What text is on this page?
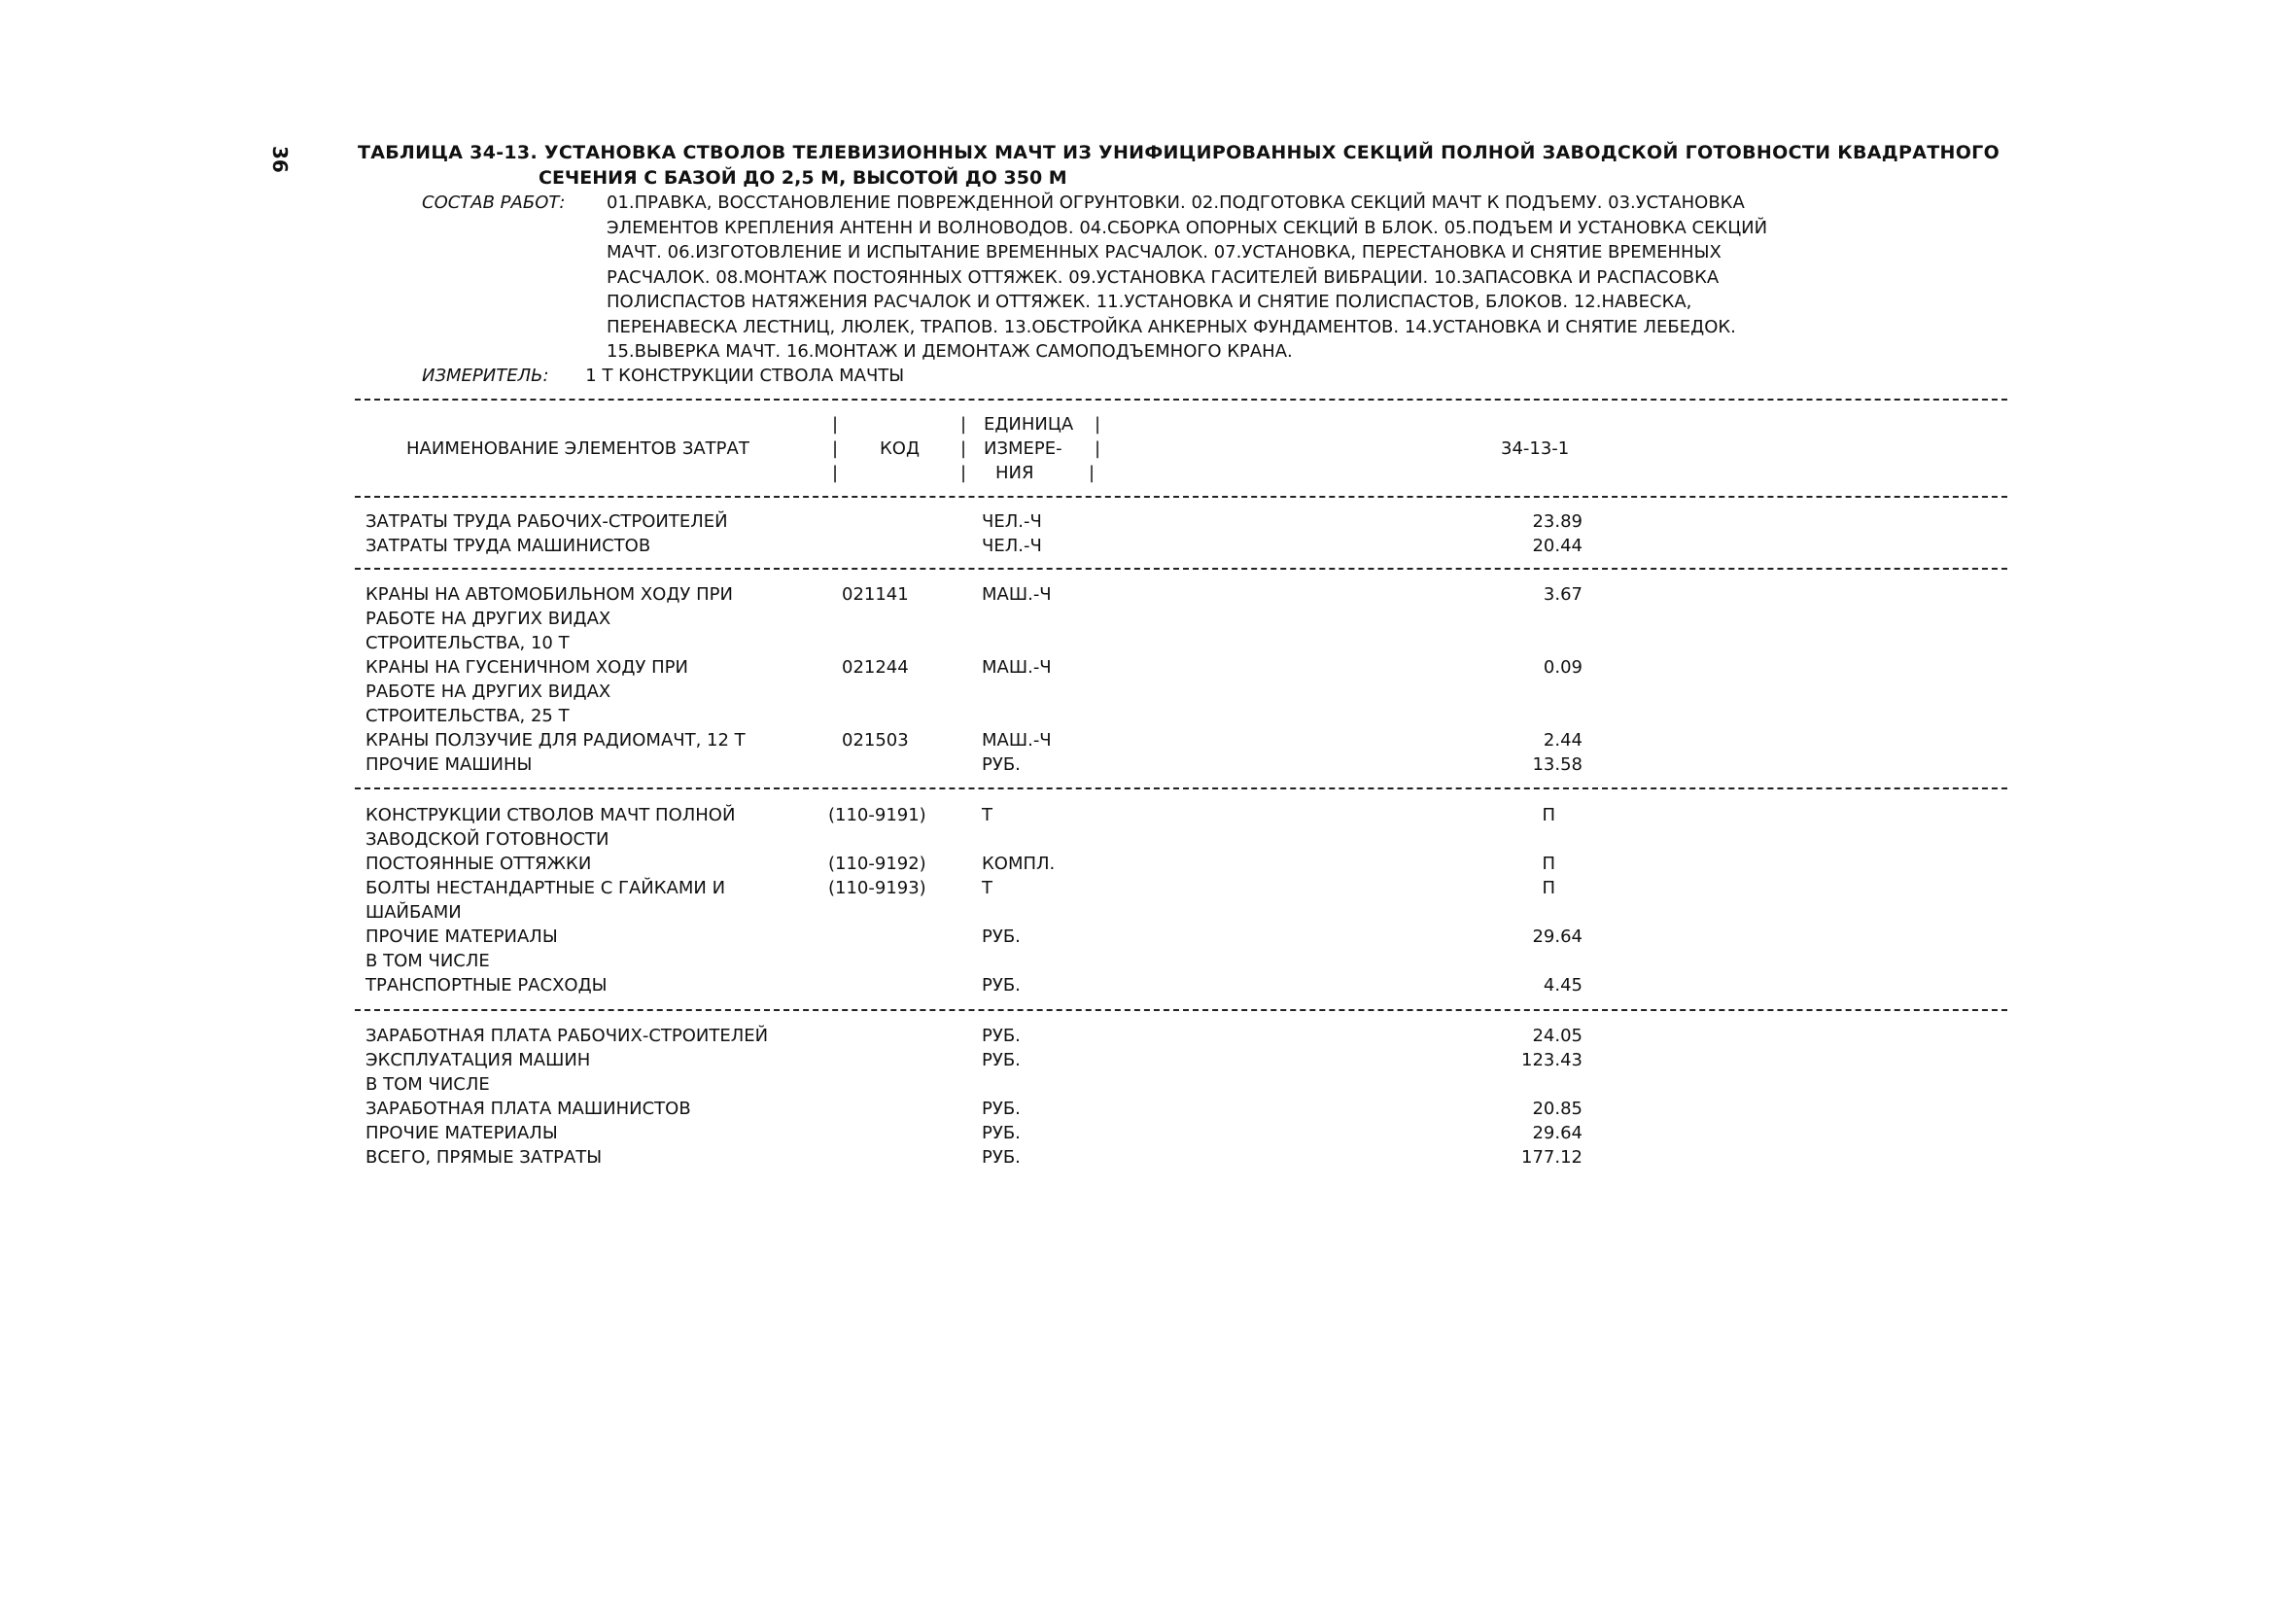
36	ТАБЛИЦА 34-13. УСТАНОВКА СТВОЛОВ ТЕЛЕВИЗИОННЫХ МАЧТ ИЗ УНИФИЦИРОВАННЫХ СЕКЦИЙ ПОЛНОЙ ЗАВОДСКОЙ ГОТОВНОСТИ КВАДРАТНОГО
СЕЧЕНИЯ С БАЗОЙ ДО 2,5 М, ВЫСОТОЙ ДО 350 М
СОСТАВ РАБОТ: 01.ПРАВКА, ВОССТАНОВЛЕНИЕ ПОВРЕЖДЕННОЙ ОГРУНТОВКИ. 02.ПОДГОТОВКА СЕКЦИЙ МАЧТ К ПОДЪЕМУ. 03.УСТАНОВКА
ЭЛЕМЕНТОВ КРЕПЛЕНИЯ АНТЕНН И ВОЛНОВОДОВ. 04.СБОРКА ОПОРНЫХ СЕКЦИЙ В БЛОК. 05.ПОДЪЕМ И УСТАНОВКА СЕКЦИЙ
МАЧТ. 06.ИЗГОТОВЛЕНИЕ И ИСПЫТАНИЕ ВРЕМЕННЫХ РАСЧАЛОК. 07.УСТАНОВКА, ПЕРЕСТАНОВКА И СНЯТИЕ ВРЕМЕННЫХ
РАСЧАЛОК. 08.МОНТАЖ ПОСТОЯННЫХ ОТТЯЖЕК. 09.УСТАНОВКА ГАСИТЕЛЕЙ ВИБРАЦИИ. 10.ЗАПАСОВКА И РАСПАСОВКА
ПОЛИСПАСТОВ НАТЯЖЕНИЯ РАСЧАЛОК И ОТТЯЖЕК. 11.УСТАНОВКА И СНЯТИЕ ПОЛИСПАСТОВ, БЛОКОВ. 12.НАВЕСКА,
ПЕРЕНАВЕСКА ЛЕСТНИЦ, ЛЮЛЕК, ТРАПОВ. 13.ОБСТРОЙКА АНКЕРНЫХ ФУНДАМЕНТОВ. 14.УСТАНОВКА И СНЯТИЕ ЛЕБЕДОК.
15.ВЫВЕРКА МАЧТ. 16.МОНТАЖ И ДЕМОНТАЖ САМОПОДЪЕМНОГО КРАНА.
ИЗМЕРИТЕЛЬ: 1 Т КОНСТРУКЦИИ СТВОЛА МАЧТЫ
НАИМЕНОВАНИЕ ЭЛЕМЕНТОВ ЗАТРАТ	КОД
ЕДИНИЦА
ИЗМЕРЕ-
НИЯ
34-13-1
|
|
|
|
|
|
|
|
|
ЗАТРАТЫ ТРУДА РАБОЧИХ-СТРОИТЕЛЕЙ
ЗАТРАТЫ ТРУДА МАШИНИСТОВ
КРАНЫ НА АВТОМОБИЛЬНОМ ХОДУ ПРИ
РАБОТЕ НА ДРУГИХ ВИДАХ
СТРОИТЕЛЬСТВА, 10 Т
КРАНЫ НА ГУСЕНИЧНОМ ХОДУ ПРИ
РАБОТЕ НА ДРУГИХ ВИДАХ
СТРОИТЕЛЬСТВА, 25 Т
КРАНЫ ПОЛЗУЧИЕ ДЛЯ РАДИОМАЧТ, 12 Т
ПРОЧИЕ МАШИНЫ
КОНСТРУКЦИИ СТВОЛОВ МАЧТ ПОЛНОЙ
ЗАВОДСКОЙ ГОТОВНОСТИ
ПОСТОЯННЫЕ ОТТЯЖКИ
БОЛТЫ НЕСТАНДАРТНЫЕ С ГАЙКАМИ И
ШАЙБАМИ
ПРОЧИЕ МАТЕРИАЛЫ
В ТОМ ЧИСЛЕ
ТРАНСПОРТНЫЕ РАСХОДЫ
ЗАРАБОТНАЯ ПЛАТА РАБОЧИХ-СТРОИТЕЛЕЙ
ЭКСПЛУАТАЦИЯ МАШИН
В ТОМ ЧИСЛЕ
ЗАРАБОТНАЯ ПЛАТА МАШИНИСТОВ
ПРОЧИЕ МАТЕРИАЛЫ
ВСЕГО, ПРЯМЫЕ ЗАТРАТЫ
021141
021244
021503
(110-9191)
(110-9192)
(110-9193)
ЧЕЛ.-Ч
ЧЕЛ.-Ч
МАШ.-Ч
МАШ.-Ч
МАШ.-Ч
РУБ.
Т
КОМПЛ.
Т
РУБ.
РУБ.
РУБ.
РУБ.
РУБ.
РУБ.
РУБ.
23.89
20.44
3.67
0.09
2.44
13.58
П
П
П
29.64
4.45
24.05
123.43
20.85
29.64
177.12
